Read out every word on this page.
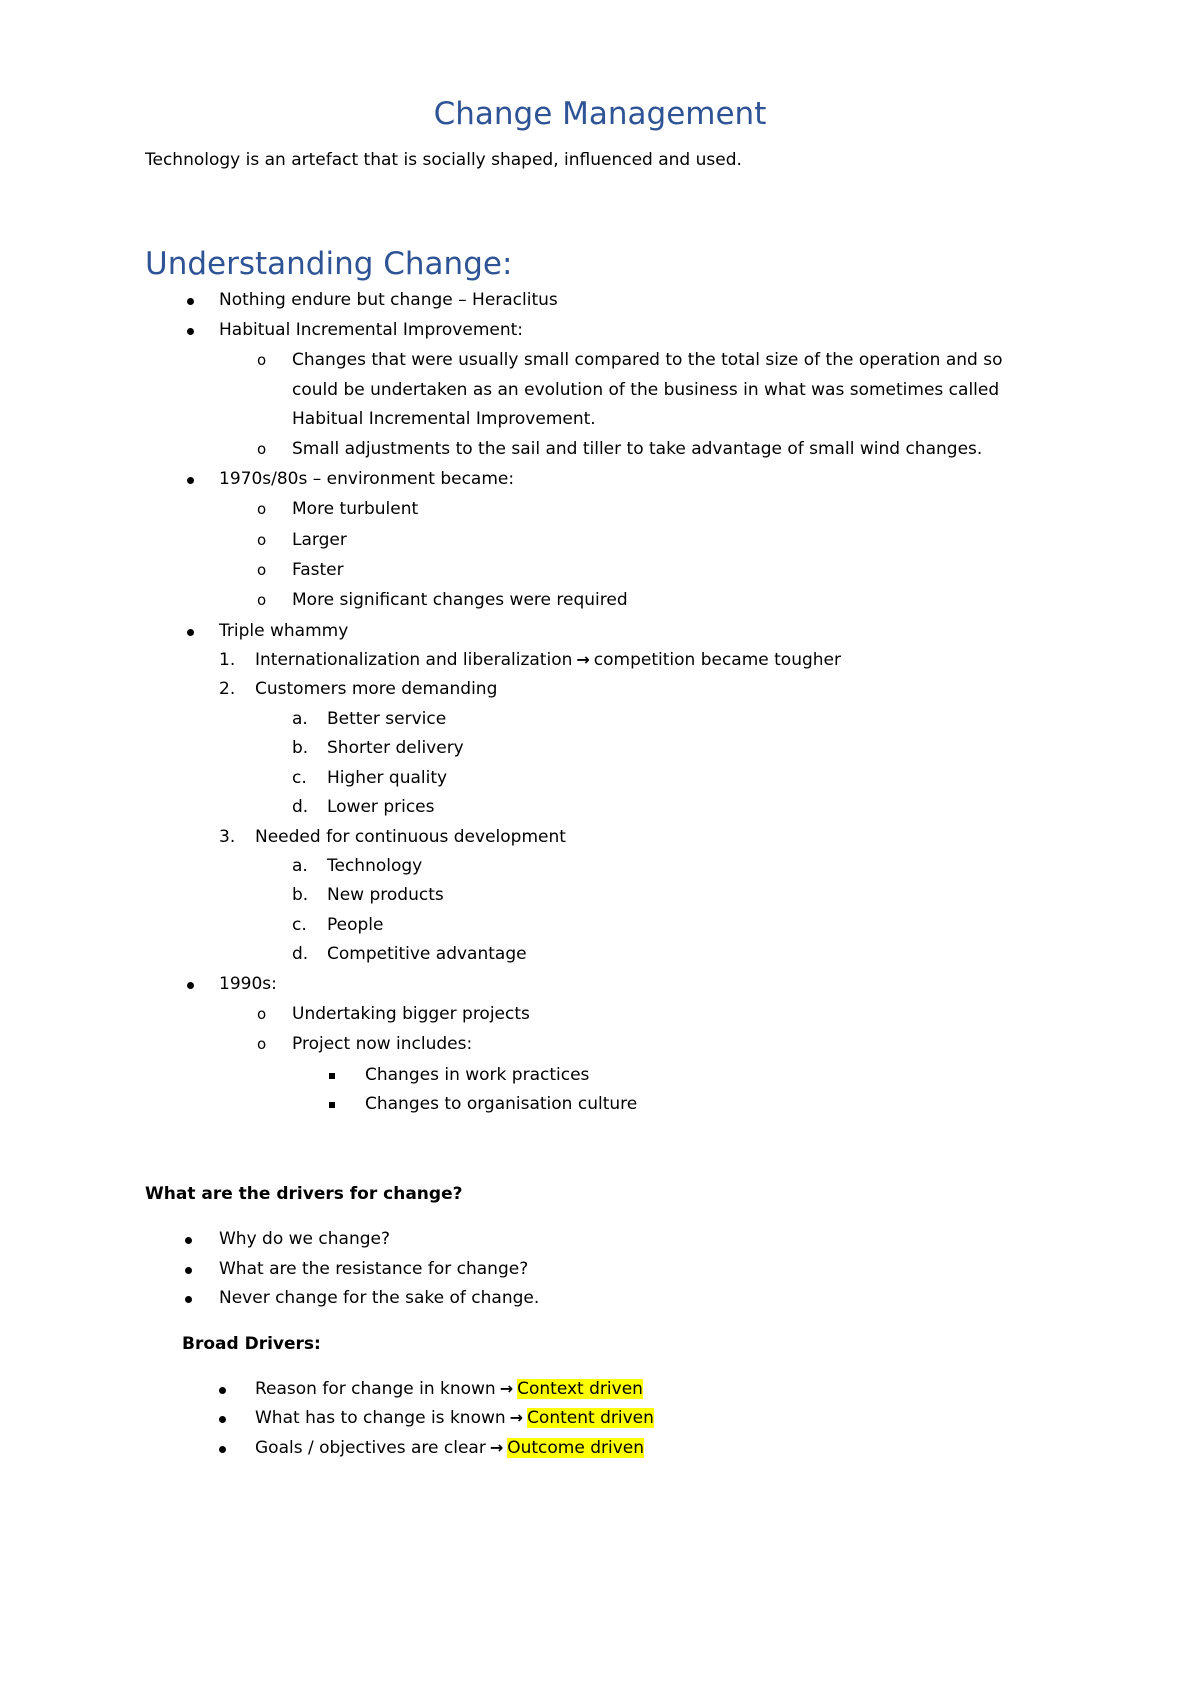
Change Management

Technology is an artefact that is socially shaped, influenced and used.

Understanding Change:

Nothing endure but change – Heraclitus

Habitual Incremental Improvement:

o Changes that were usually small compared to the total size of the operation and so

could be undertaken as an evolution of the business in what was sometimes called

Habitual Incremental Improvement.

o Small adjustments to the sail and tiller to take advantage of small wind changes.

1970s/80s – environment became:

o More turbulent

o Larger

o Faster

o More significant changes were required

Triple whammy

1. Internationalization and liberalization → competition became tougher

2. Customers more demanding

a. Better service

b. Shorter delivery

c. Higher quality

d. Lower prices

3. Needed for continuous development

a. Technology

b. New products

c. People

d. Competitive advantage

1990s:

o Undertaking bigger projects

o Project now includes:

Changes in work practices

Changes to organisation culture

What are the drivers for change?

Why do we change?

What are the resistance for change?

Never change for the sake of change.

Broad Drivers:

Reason for change in known → Context driven

What has to change is known → Content driven

Goals / objectives are clear → Outcome driven
